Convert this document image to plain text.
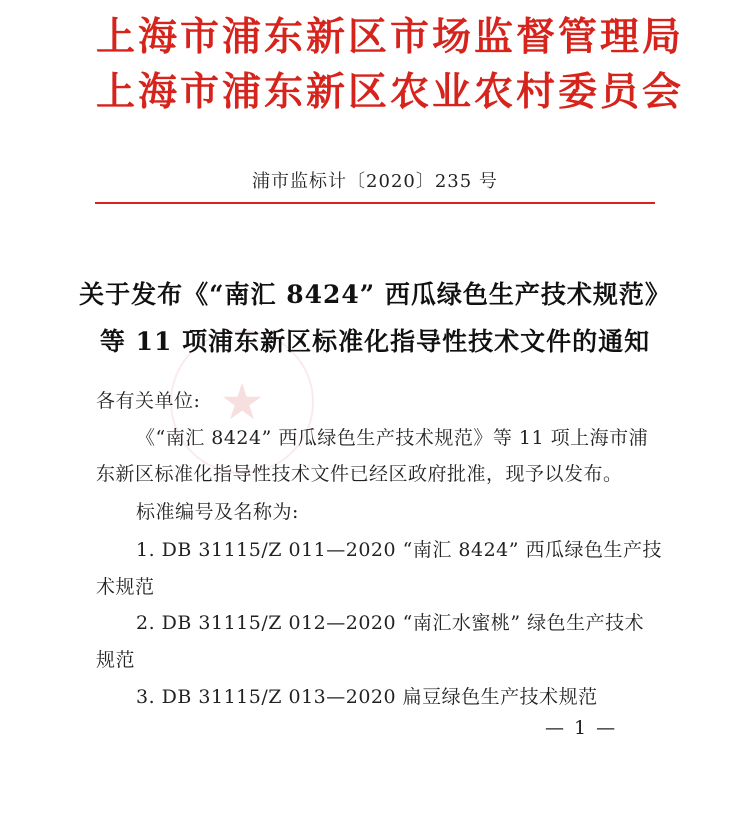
上海市浦东新区市场监督管理局
上海市浦东新区农业农村委员会
浦市监标计〔2020〕235 号
★
关于发布《“南汇 8424” 西瓜绿色生产技术规范》
等 11 项浦东新区标准化指导性技术文件的通知
各有关单位:
《“南汇 8424” 西瓜绿色生产技术规范》等 11 项上海市浦
东新区标准化指导性技术文件已经区政府批准，现予以发布。
标准编号及名称为:
1. DB 31115/Z 011—2020 “南汇 8424” 西瓜绿色生产技
术规范
2. DB 31115/Z 012—2020 “南汇水蜜桃” 绿色生产技术
规范
3. DB 31115/Z 013—2020 扁豆绿色生产技术规范
— 1 —
